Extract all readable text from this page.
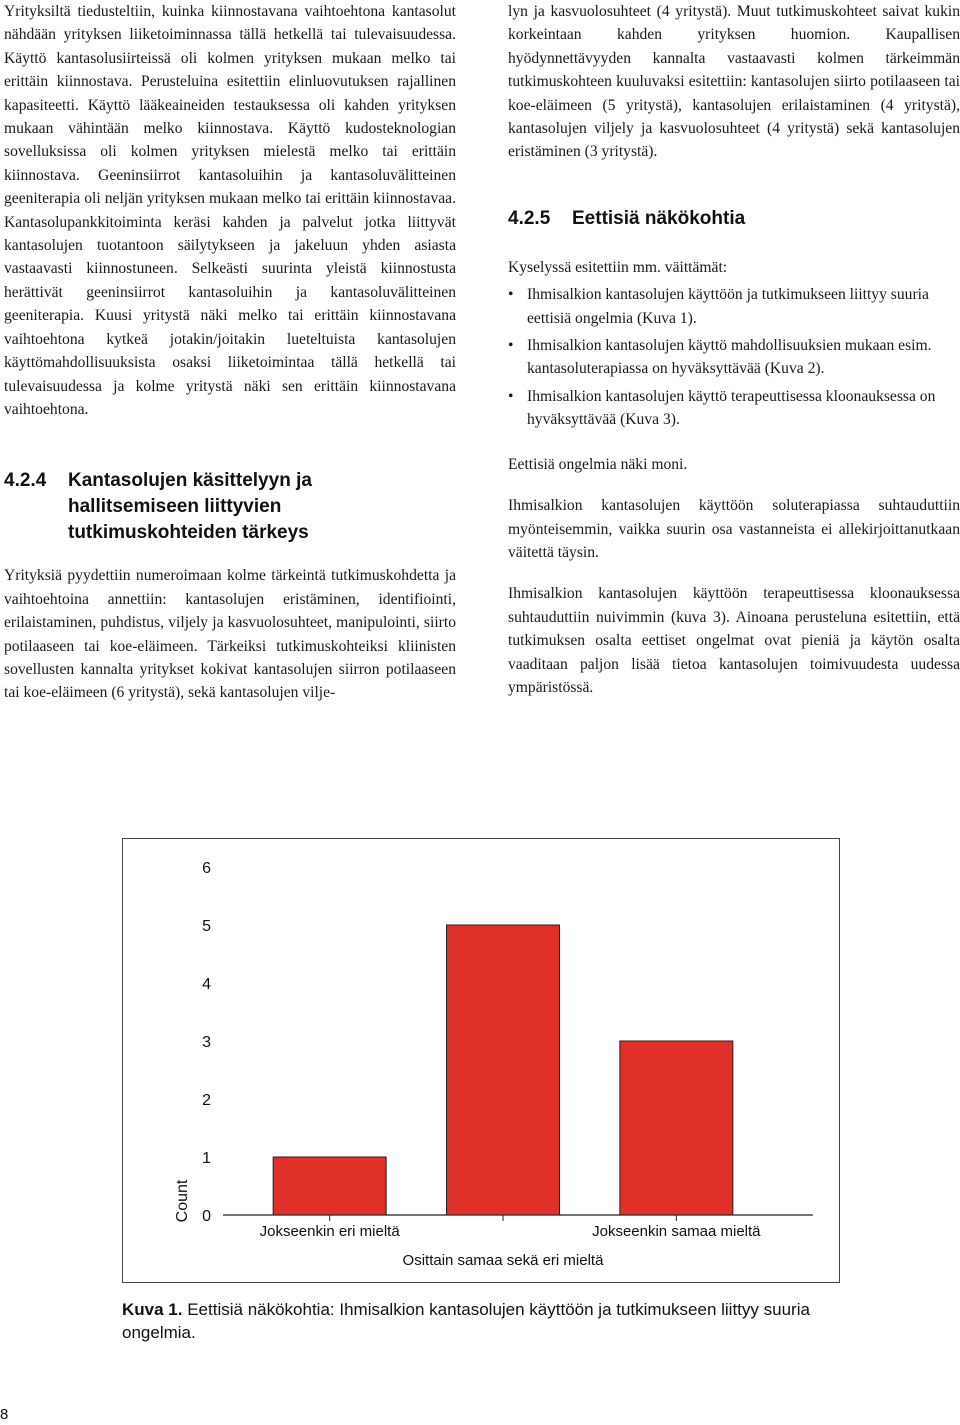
Yrityksiltä tiedusteltiin, kuinka kiinnostavana vaihtoehtona kantasolut nähdään yrityksen liiketoiminnassa tällä hetkellä tai tulevaisuudessa. Käyttö kantasolusiirteissä oli kolmen yrityksen mukaan melko tai erittäin kiinnostava. Perusteluina esitettiin elinluovutuksen rajallinen kapasiteetti. Käyttö lääkeaineiden testauksessa oli kahden yrityksen mukaan vähintään melko kiinnostava. Käyttö kudosteknologian sovelluksissa oli kolmen yrityksen mielestä melko tai erittäin kiinnostava. Geeninsiirrot kantasoluihin ja kantasoluvälitteinen geeniterapia oli neljän yrityksen mukaan melko tai erittäin kiinnostavaa. Kantasolupankkitoiminta keräsi kahden ja palvelut jotka liittyvät kantasolujen tuotantoon säilytykseen ja jakeluun yhden asiasta vastaavasti kiinnostuneen. Selkeästi suurinta yleistä kiinnostusta herättivät geeninsiirrot kantasoluihin ja kantasoluvälitteinen geeniterapia. Kuusi yritystä näki melko tai erittäin kiinnostavana vaihtoehtona kytkeä jotakin/joitakin lueteltuista kantasolujen käyttömahdollisuuksista osaksi liiketoimintaa tällä hetkellä tai tulevaisuudessa ja kolme yritystä näki sen erittäin kiinnostavana vaihtoehtona.

4.2.4 Kantasolujen käsittelyyn ja
hallitsemiseen liittyvien
tutkimuskohteiden tärkeys

Yrityksiä pyydettiin numeroimaan kolme tärkeintä tutkimuskohdetta ja vaihtoehtoina annettiin: kantasolujen eristäminen, identifiointi, erilaistaminen, puhdistus, viljely ja kasvuolosuhteet, manipulointi, siirto potilaaseen tai koe-eläimeen. Tärkeiksi tutkimuskohteiksi kliinisten sovellusten kannalta yritykset kokivat kantasolujen siirron potilaaseen tai koe-eläimeen (6 yritystä), sekä kantasolujen vilje-

lyn ja kasvuolosuhteet (4 yritystä). Muut tutkimuskohteet saivat kukin korkeintaan kahden yrityksen huomion. Kaupallisen hyödynnettävyyden kannalta vastaavasti kolmen tärkeimmän tutkimuskohteen kuuluvaksi esitettiin: kantasolujen siirto potilaaseen tai koe-eläimeen (5 yritystä), kantasolujen erilaistaminen (4 yritystä), kantasolujen viljely ja kasvuolosuhteet (4 yritystä) sekä kantasolujen eristäminen (3 yritystä).

4.2.5 Eettisiä näkökohtia

Kyselyssä esitettiin mm. väittämät:

• Ihmisalkion kantasolujen käyttöön ja tutkimukseen liittyy suuria eettisiä ongelmia (Kuva 1).
• Ihmisalkion kantasolujen käyttö mahdollisuuksien mukaan esim. kantasoluterapiassa on hyväksyttävää (Kuva 2).
• Ihmisalkion kantasolujen käyttö terapeuttisessa kloonauksessa on hyväksyttävää (Kuva 3).

Eettisiä ongelmia näki moni.

Ihmisalkion kantasolujen käyttöön soluterapiassa suhtauduttiin myönteisemmin, vaikka suurin osa vastanneista ei allekirjoittanutkaan väitettä täysin.

Ihmisalkion kantasolujen käyttöön terapeuttisessa kloonauksessa suhtauduttiin nuivimmin (kuva 3). Ainoana perusteluna esitettiin, että tutkimuksen osalta eettiset ongelmat ovat pieniä ja käytön osalta vaaditaan paljon lisää tietoa kantasolujen toimivuudesta uudessa ympäristössä.

0
1
2
3
4
5
6
Jokseenkin eri mieltä
Osittain samaa sekä eri mieltä
Jokseenkin samaa mieltä
Count
Kuva 1. Eettisiä näkökohtia: Ihmisalkion kantasolujen käyttöön ja tutkimukseen liittyy suuria ongelmia.
8
